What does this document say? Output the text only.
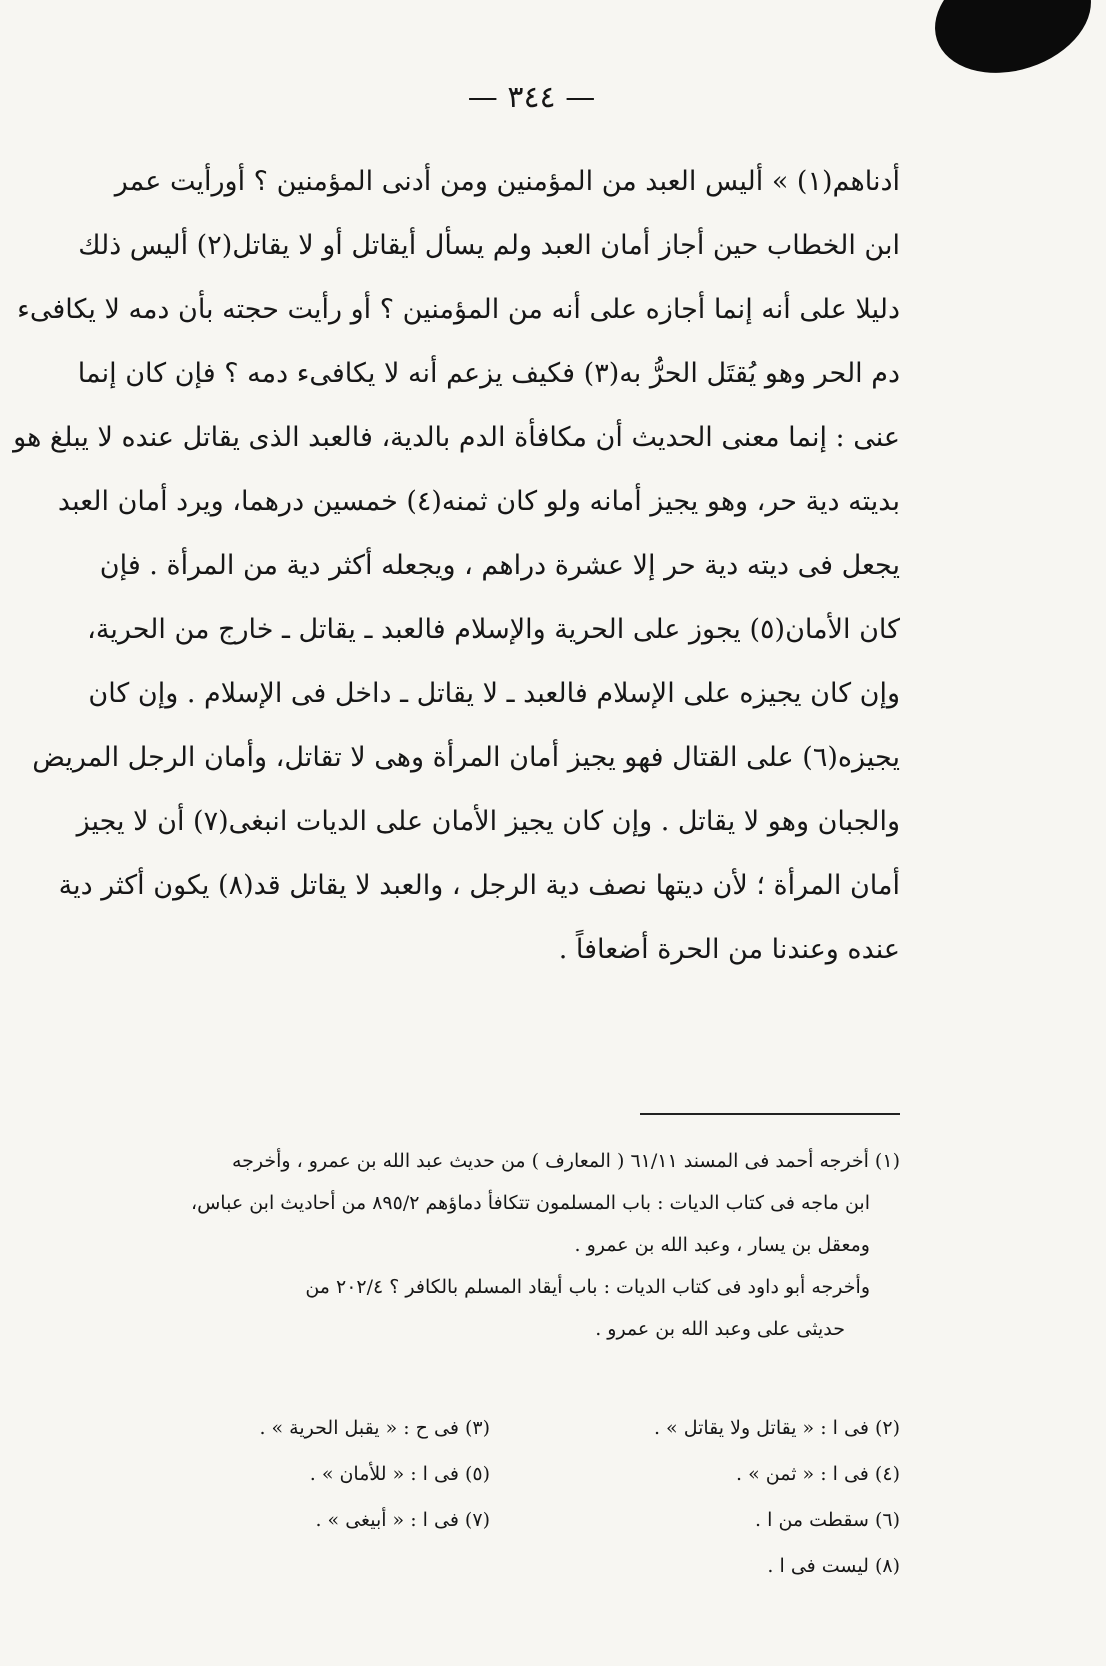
— ٣٤٤ —
أدناهم(١) » أليس العبد من المؤمنين ومن أدنى المؤمنين ؟ أورأيت عمر
ابن الخطاب حين أجاز أمان العبد ولم يسأل أيقاتل أو لا يقاتل(٢) أليس ذلك
دليلا على أنه إنما أجازه على أنه من المؤمنين ؟ أو رأيت حجته بأن دمه لا يكافىء
دم الحر وهو يُقتَل الحرُّ به(٣) فكيف يزعم أنه لا يكافىء دمه ؟ فإن كان إنما
عنى : إنما معنى الحديث أن مكافأة الدم بالدية، فالعبد الذى يقاتل عنده لا يبلغ هو
بديته دية حر، وهو يجيز أمانه ولو كان ثمنه(٤) خمسين درهما، ويرد أمان العبد
يجعل فى ديته دية حر إلا عشرة دراهم ، ويجعله أكثر دية من المرأة . فإن
كان الأمان(٥) يجوز على الحرية والإسلام فالعبد ـ يقاتل ـ خارج من الحرية،
وإن كان يجيزه على الإسلام فالعبد ـ لا يقاتل ـ داخل فى الإسلام . وإن كان
يجيزه(٦) على القتال فهو يجيز أمان المرأة وهى لا تقاتل، وأمان الرجل المريض
والجبان وهو لا يقاتل . وإن كان يجيز الأمان على الديات انبغى(٧) أن لا يجيز
أمان المرأة ؛ لأن ديتها نصف دية الرجل ، والعبد لا يقاتل قد(٨) يكون أكثر دية
عنده وعندنا من الحرة أضعافاً .
(١) أخرجه أحمد فى المسند ٦١/١١ ( المعارف ) من حديث عبد الله بن عمرو ، وأخرجه
ابن ماجه فى كتاب الديات : باب المسلمون تتكافأ دماؤهم ٨٩٥/٢ من أحاديث ابن عباس،
ومعقل بن يسار ، وعبد الله بن عمرو .
وأخرجه أبو داود فى كتاب الديات : باب أيقاد المسلم بالكافر ؟ ٢٠٢/٤ من
حديثى على وعبد الله بن عمرو .
(٢) فى ا : « يقاتل ولا يقاتل » .
(٣) فى ح : « يقبل الحرية » .
(٤) فى ا : « ثمن » .
(٥) فى ا : « للأمان » .
(٦) سقطت من ا .
(٧) فى ا : « أبيغى » .
(٨) ليست فى ا .
